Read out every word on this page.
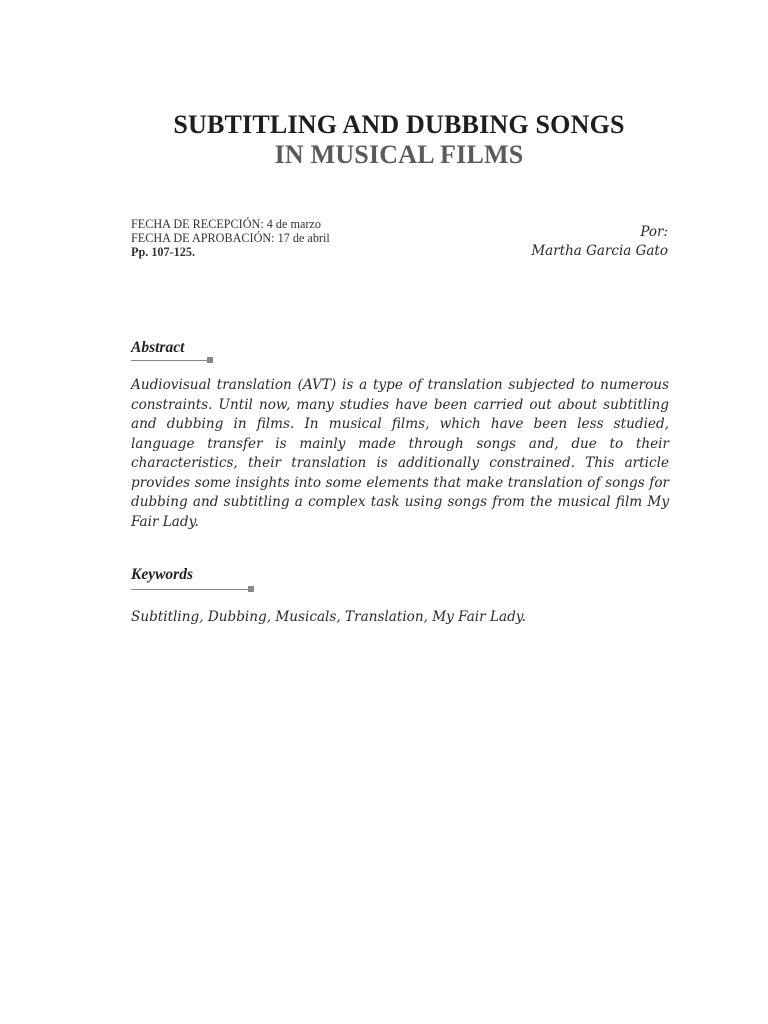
SUBTITLING AND DUBBING SONGS
IN MUSICAL FILMS
FECHA DE RECEPCIÓN: 4 de marzo
FECHA DE APROBACIÓN: 17 de abril
Pp. 107-125.
Por:
Martha Garcia Gato
Abstract
Audiovisual translation (AVT) is a type of translation subjected to numerous constraints. Until now, many studies have been carried out about subtitling and dubbing in films. In musical films, which have been less studied, language transfer is mainly made through songs and, due to their characteristics, their translation is additionally constrained. This article provides some insights into some elements that make translation of songs for dubbing and subtitling a complex task using songs from the musical film My Fair Lady.
Keywords
Subtitling, Dubbing, Musicals, Translation, My Fair Lady.
